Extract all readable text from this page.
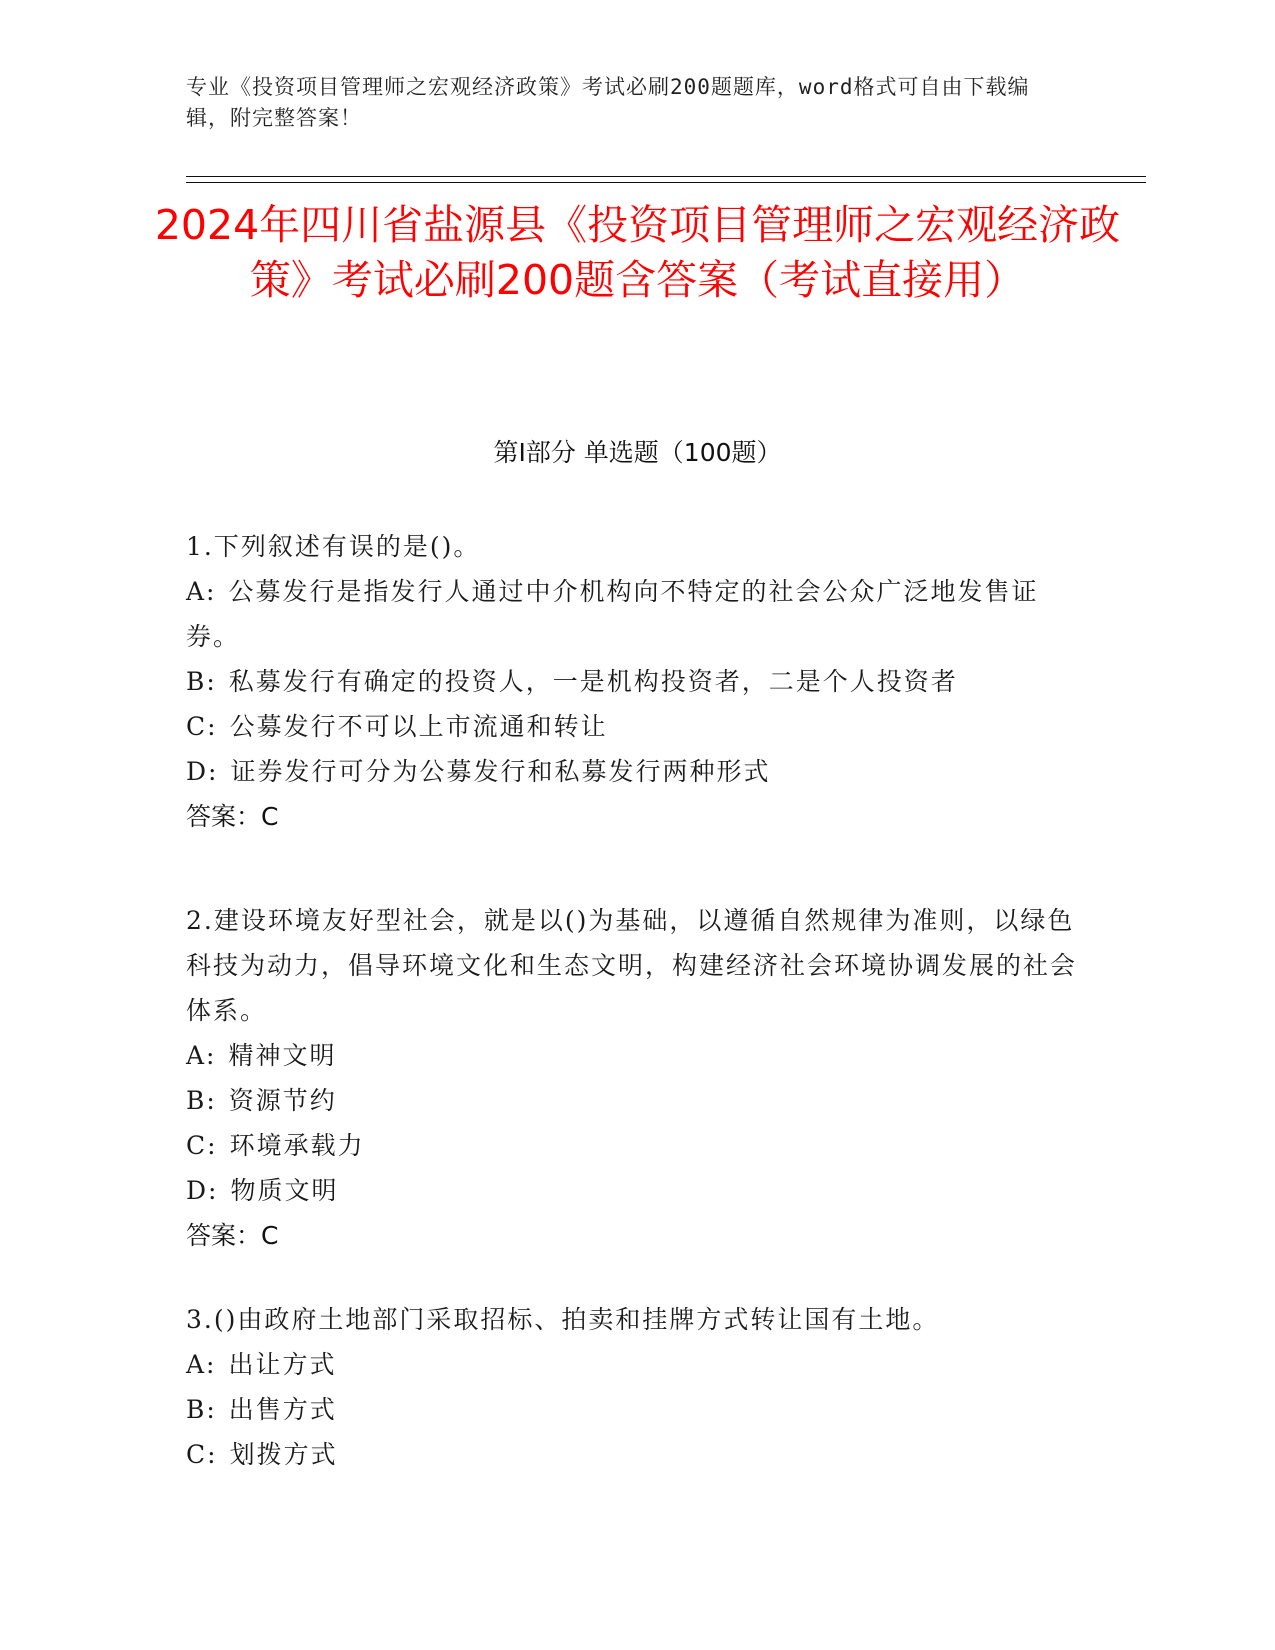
专业《投资项目管理师之宏观经济政策》考试必刷200题题库，word格式可自由下载编辑，附完整答案！
2024年四川省盐源县《投资项目管理师之宏观经济政策》考试必刷200题含答案（考试直接用）
第I部分 单选题（100题）
1.下列叙述有误的是()。
A: 公募发行是指发行人通过中介机构向不特定的社会公众广泛地发售证券。
B: 私募发行有确定的投资人，一是机构投资者，二是个人投资者
C: 公募发行不可以上市流通和转让
D: 证券发行可分为公募发行和私募发行两种形式
答案：C
2.建设环境友好型社会，就是以()为基础，以遵循自然规律为准则，以绿色科技为动力，倡导环境文化和生态文明，构建经济社会环境协调发展的社会体系。
A: 精神文明
B: 资源节约
C: 环境承载力
D: 物质文明
答案：C
3.()由政府土地部门采取招标、拍卖和挂牌方式转让国有土地。
A: 出让方式
B: 出售方式
C: 划拨方式
